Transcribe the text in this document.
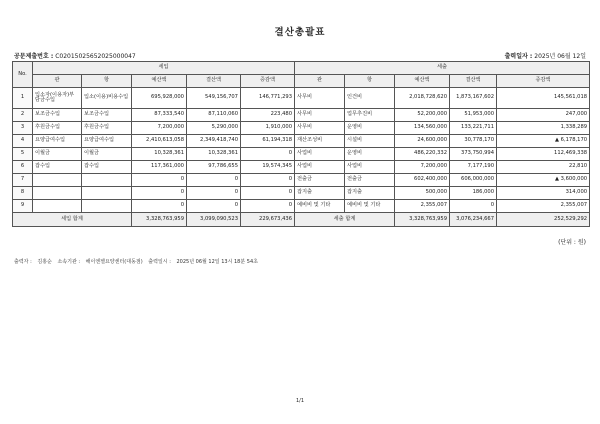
결산총괄표
공문제출번호 : C02015025652025000047	출력일자 : 2025년 06월 12일
No.	세입					세출				
	관	항	예산액	결산액	증감액	관	항	예산액	결산액	증감액
1	입소자(이용자)부담금수입	입소(이용)비용수입	695,928,000	549,156,707	146,771,293	사무비	인건비	2,018,728,620	1,873,167,602	145,561,018
2	보조금수입	보조금수입	87,333,540	87,110,060	223,480	사무비	업무추진비	52,200,000	51,953,000	247,000
3	후원금수입	후원금수입	7,200,000	5,290,000	1,910,000	사무비	운영비	134,560,000	133,221,711	1,338,289
4	요양급여수입	요양급여수입	2,410,613,058	2,349,418,740	61,194,318	재산조성비	시설비	24,600,000	30,778,170	▲ 6,178,170
5	이월금	이월금	10,328,361	10,328,361	0	사업비	운영비	486,220,332	373,750,994	112,469,338
6	잡수입	잡수입	117,361,000	97,786,655	19,574,345	사업비	사업비	7,200,000	7,177,190	22,810
7			0	0	0	전출금	전출금	602,400,000	606,000,000	▲ 3,600,000
8			0	0	0	잡지출	잡지출	500,000	186,000	314,000
9			0	0	0	예비비 및 기타	예비비 및 기타	2,355,007	0	2,355,007
세입 합계			3,328,763,959	3,099,090,523	229,673,436	세출 합계		3,328,763,959	3,076,234,667	252,529,292
(단위 : 원)
출력자 : 김홍순 소속기관 : 해이엔젤요양센터(대동점) 출력일시 : 2025년 06월 12일 13시 18분 54초
1/1
